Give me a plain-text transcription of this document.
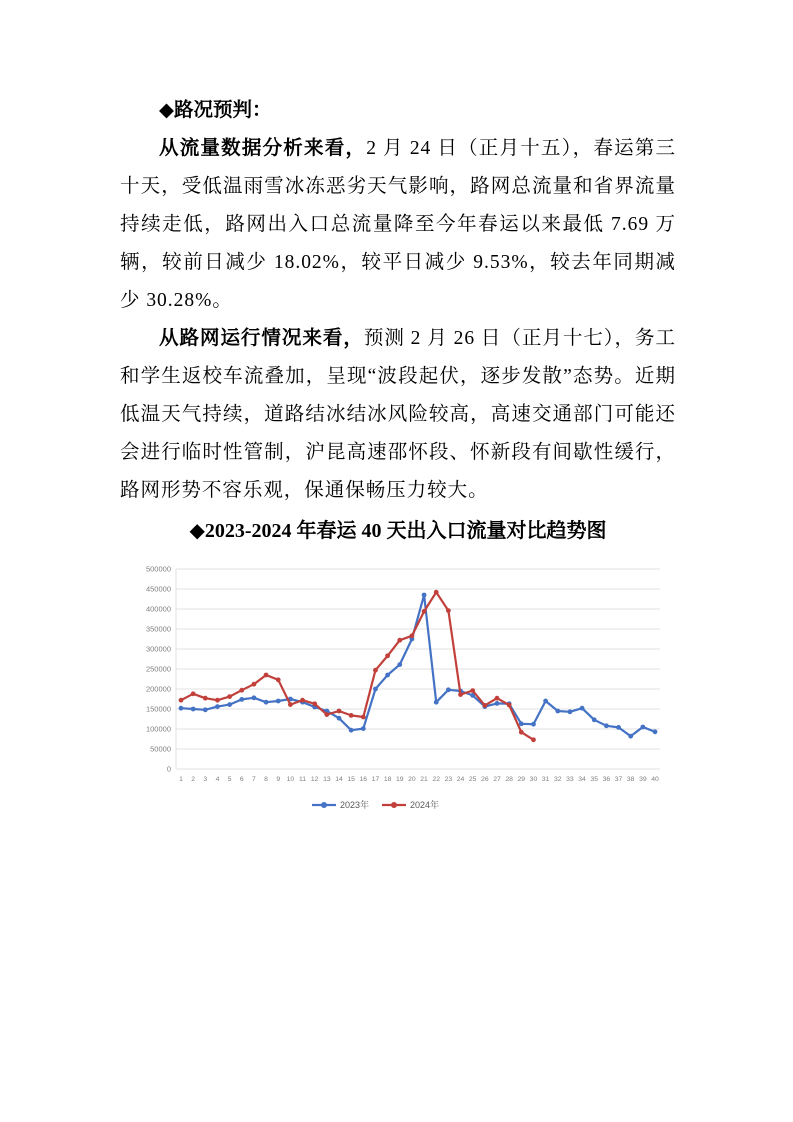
◆路况预判：

从流量数据分析来看，2 月 24 日（正月十五），春运第三十天，受低温雨雪冰冻恶劣天气影响，路网总流量和省界流量持续走低，路网出入口总流量降至今年春运以来最低 7.69 万辆，较前日减少 18.02%，较平日减少 9.53%，较去年同期减少 30.28%。

从路网运行情况来看，预测 2 月 26 日（正月十七），务工和学生返校车流叠加，呈现“波段起伏，逐步发散”态势。近期低温天气持续，道路结冰结冰风险较高，高速交通部门可能还会进行临时性管制，沪昆高速邵怀段、怀新段有间歇性缓行，路网形势不容乐观，保通保畅压力较大。

◆2023-2024 年春运 40 天出入口流量对比趋势图
0
50000
100000
150000
200000
250000
300000
350000
400000
450000
500000
1 2 3 4 5 6 7 8 9 10 11 12 13 14 15 16 17 18 19 20 21 22 23 24 25 26 27 28 29 30 31 32 33 34 35 36 37 38 39 40
2023年	2024年
